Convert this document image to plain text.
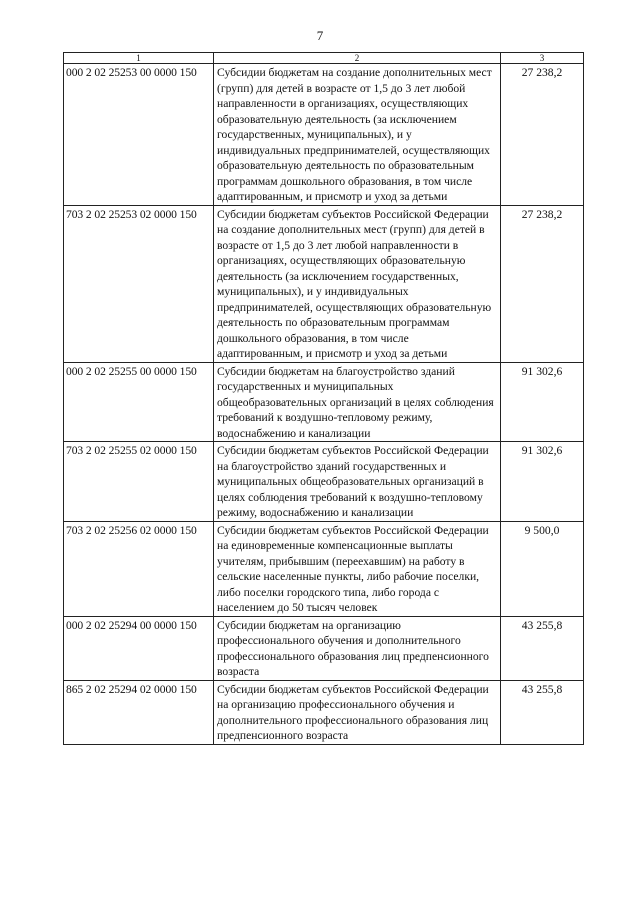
7
1	2	3
000 2 02 25253 00 0000 150	Субсидии бюджетам на создание дополнительных мест (групп) для детей в возрасте от 1,5 до 3 лет любой направленности в организациях, осуществляющих образовательную деятельность (за исключением государственных, муниципальных), и у индивидуальных предпринимателей, осуществляющих образовательную деятельность по образовательным программам дошкольного образования, в том числе адаптированным, и присмотр и уход за детьми	27 238,2
703 2 02 25253 02 0000 150	Субсидии бюджетам субъектов Российской Федерации на создание дополнительных мест (групп) для детей в возрасте от 1,5 до 3 лет любой направленности в организациях, осуществляющих образовательную деятельность (за исключением государственных, муниципальных), и у индивидуальных предпринимателей, осуществляющих образовательную деятельность по образовательным программам дошкольного образования, в том числе адаптированным, и присмотр и уход за детьми	27 238,2
000 2 02 25255 00 0000 150	Субсидии бюджетам на благоустройство зданий государственных и муниципальных общеобразовательных организаций в целях соблюдения требований к воздушно-тепловому режиму, водоснабжению и канализации	91 302,6
703 2 02 25255 02 0000 150	Субсидии бюджетам субъектов Российской Федерации на благоустройство зданий государственных и муниципальных общеобразовательных организаций в целях соблюдения требований к воздушно-тепловому режиму, водоснабжению и канализации	91 302,6
703 2 02 25256 02 0000 150	Субсидии бюджетам субъектов Российской Федерации на единовременные компенсационные выплаты учителям, прибывшим (переехавшим) на работу в сельские населенные пункты, либо рабочие поселки, либо поселки городского типа, либо города с населением до 50 тысяч человек	9 500,0
000 2 02 25294 00 0000 150	Субсидии бюджетам на организацию профессионального обучения и дополнительного профессионального образования лиц предпенсионного возраста	43 255,8
865 2 02 25294 02 0000 150	Субсидии бюджетам субъектов Российской Федерации на организацию профессионального обучения и дополнительного профессионального образования лиц предпенсионного возраста	43 255,8
